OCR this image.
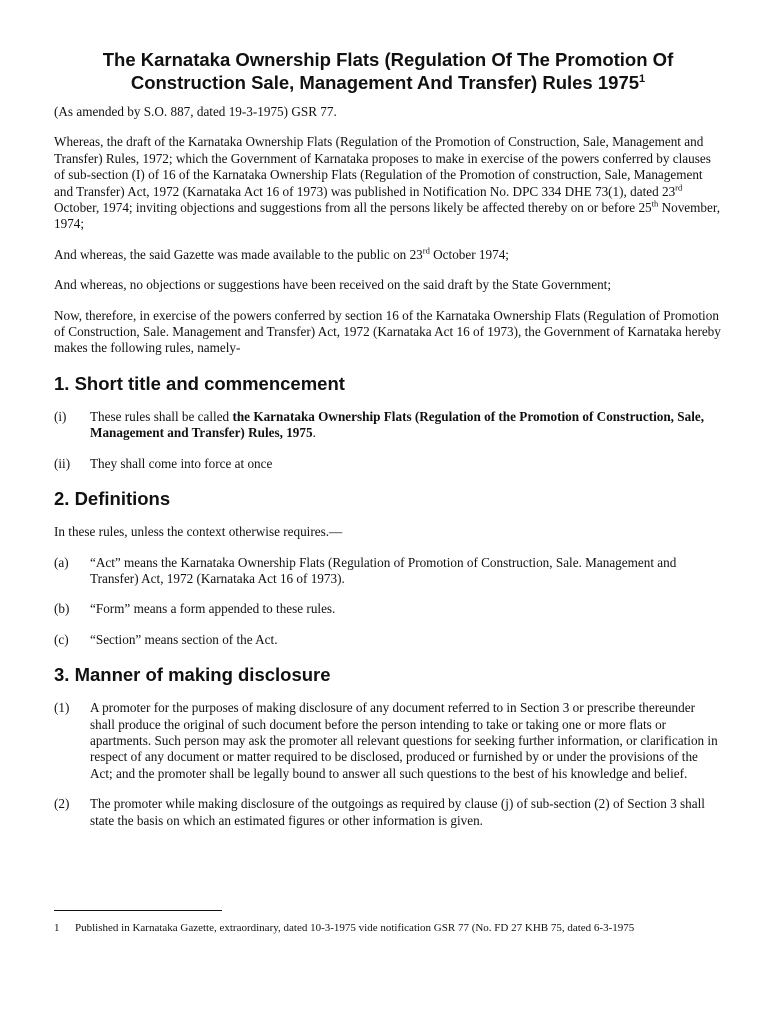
The Karnataka Ownership Flats (Regulation Of The Promotion Of
Construction Sale, Management And Transfer) Rules 1975$^1$

(As amended by S.O. 887, dated 19-3-1975) GSR 77.

Whereas, the draft of the Karnataka Ownership Flats (Regulation of the Promotion of Construction, Sale, Management and Transfer) Rules, 1972; which the Government of Karnataka proposes to make in exercise of the powers conferred by clauses of sub-section (I) of 16 of the Karnataka Ownership Flats (Regulation of the Promotion of construction, Sale, Management and Transfer) Act, 1972 (Karnataka Act 16 of 1973) was published in Notification No. DPC 334 DHE 73(1), dated 23rd October, 1974; inviting objections and suggestions from all the persons likely be affected thereby on or before 25th November, 1974;

And whereas, the said Gazette was made available to the public on 23rd October 1974;

And whereas, no objections or suggestions have been received on the said draft by the State Government;

Now, therefore, in exercise of the powers conferred by section 16 of the Karnataka Ownership Flats (Regulation of Promotion of Construction, Sale. Management and Transfer) Act, 1972 (Karnataka Act 16 of 1973), the Government of Karnataka hereby makes the following rules, namely-

1. Short title and commencement
(i)	These rules shall be called the Karnataka Ownership Flats (Regulation of the Promotion of Construction, Sale, Management and Transfer) Rules, 1975.
(ii)	They shall come into force at once
2. Definitions

In these rules, unless the context otherwise requires.—

(a)	“Act” means the Karnataka Ownership Flats (Regulation of Promotion of Construction, Sale. Management and Transfer) Act, 1972 (Karnataka Act 16 of 1973).
(b)	“Form” means a form appended to these rules.
(c)	“Section” means section of the Act.
3. Manner of making disclosure
(1)	A promoter for the purposes of making disclosure of any document referred to in Section 3 or prescribe thereunder shall produce the original of such document before the person intending to take or taking one or more flats or apartments. Such person may ask the promoter all relevant questions for seeking further information, or clarification in respect of any document or matter required to be disclosed, produced or furnished by or under the provisions of the Act; and the promoter shall be legally bound to answer all such questions to the best of his knowledge and belief.
(2)	The promoter while making disclosure of the outgoings as required by clause (j) of sub-section (2) of Section 3 shall state the basis on which an estimated figures or other information is given.
1	Published in Karnataka Gazette, extraordinary, dated 10-3-1975 vide notification GSR 77 (No. FD 27 KHB 75, dated 6-3-1975
